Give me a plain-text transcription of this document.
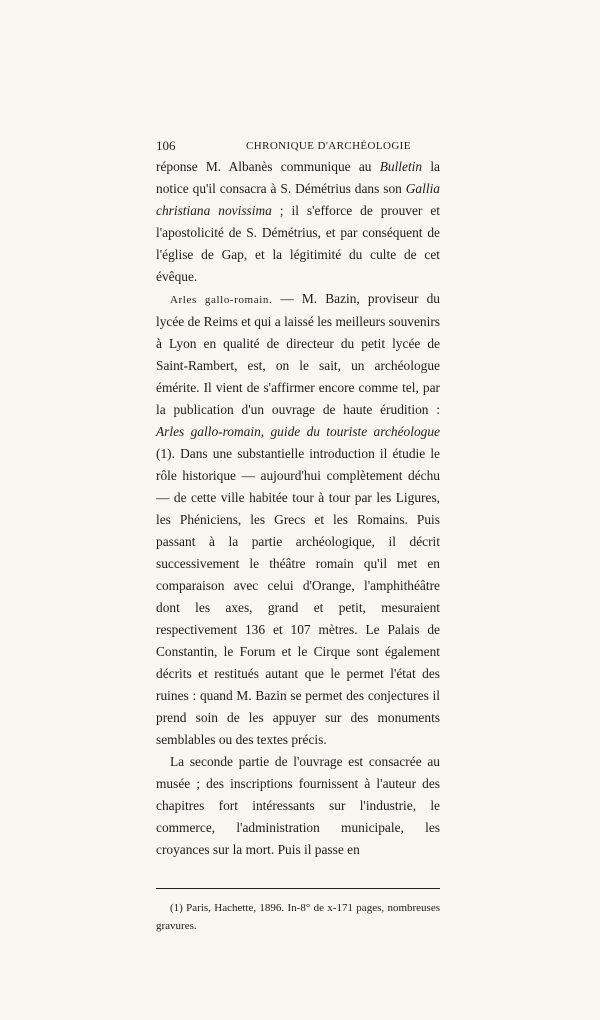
106	CHRONIQUE D'ARCHÉOLOGIE

réponse M. Albanès communique au Bulletin la notice qu'il consacra à S. Démétrius dans son Gallia christiana novissima ; il s'efforce de prouver et l'apostolicité de S. Démétrius, et par conséquent de l'église de Gap, et la légitimité du culte de cet évêque.

Arles gallo-romain. — M. Bazin, proviseur du lycée de Reims et qui a laissé les meilleurs souvenirs à Lyon en qualité de directeur du petit lycée de Saint-Rambert, est, on le sait, un archéologue émérite. Il vient de s'affirmer encore comme tel, par la publication d'un ouvrage de haute érudition : Arles gallo-romain, guide du touriste archéologue (1). Dans une substantielle introduction il étudie le rôle historique — aujourd'hui complètement déchu — de cette ville habitée tour à tour par les Ligures, les Phéniciens, les Grecs et les Romains. Puis passant à la partie archéologique, il décrit successivement le théâtre romain qu'il met en comparaison avec celui d'Orange, l'amphithéâtre dont les axes, grand et petit, mesuraient respectivement 136 et 107 mètres. Le Palais de Constantin, le Forum et le Cirque sont également décrits et restitués autant que le permet l'état des ruines : quand M. Bazin se permet des conjectures il prend soin de les appuyer sur des monuments semblables ou des textes précis.

La seconde partie de l'ouvrage est consacrée au musée ; des inscriptions fournissent à l'auteur des chapitres fort intéressants sur l'industrie, le commerce, l'administration municipale, les croyances sur la mort. Puis il passe en

(1) Paris, Hachette, 1896. In-8° de x-171 pages, nombreuses gravures.
